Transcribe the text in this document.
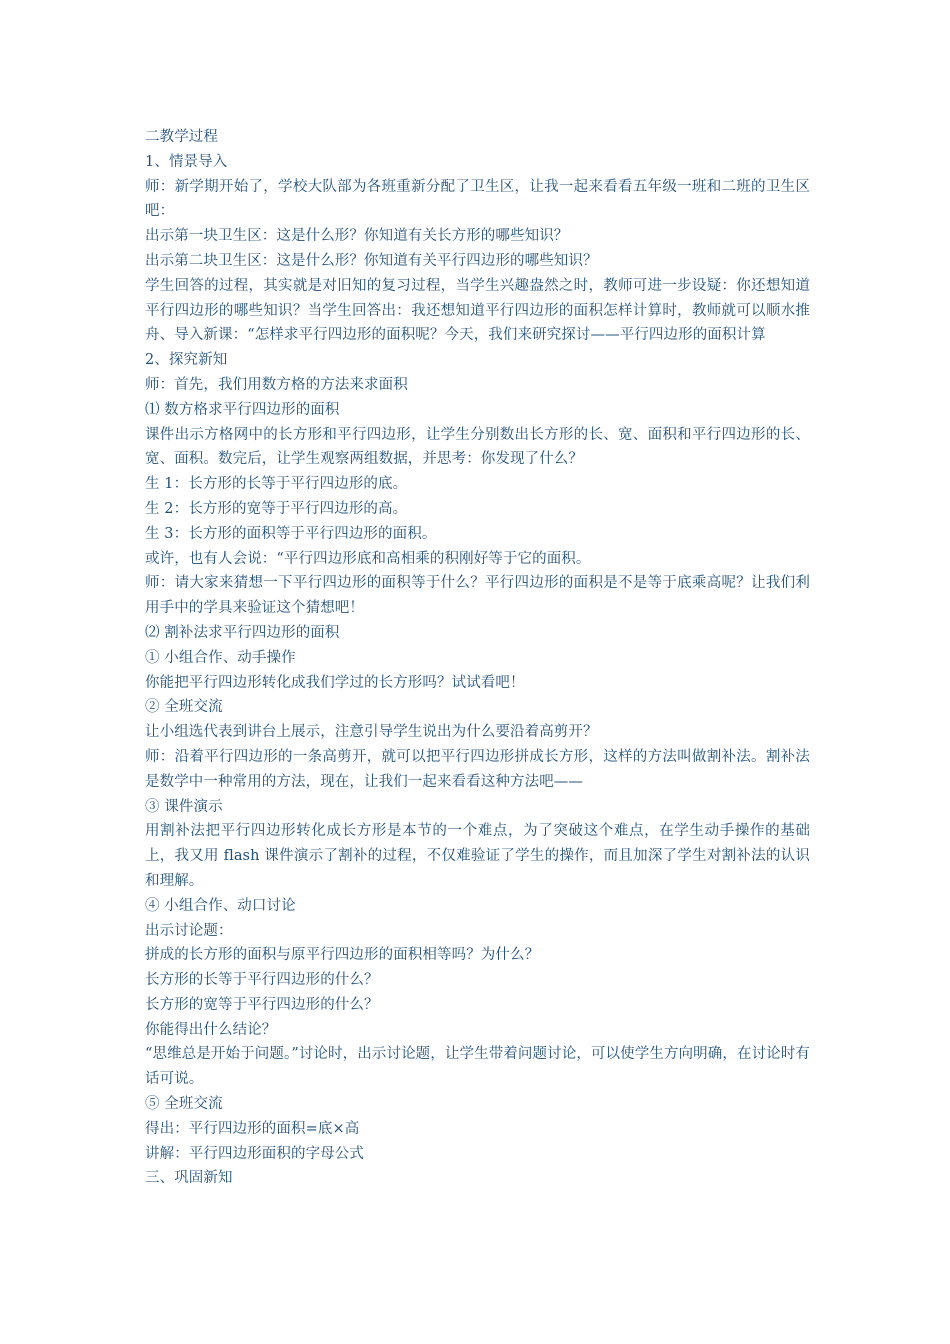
二教学过程

1、情景导入

师：新学期开始了，学校大队部为各班重新分配了卫生区，让我一起来看看五年级一班和二班的卫生区吧：

出示第一块卫生区：这是什么形？你知道有关长方形的哪些知识？

出示第二块卫生区：这是什么形？你知道有关平行四边形的哪些知识？

学生回答的过程，其实就是对旧知的复习过程，当学生兴趣盎然之时，教师可进一步设疑：你还想知道平行四边形的哪些知识？当学生回答出：我还想知道平行四边形的面积怎样计算时，教师就可以顺水推舟、导入新课：“怎样求平行四边形的面积呢？今天，我们来研究探讨——平行四边形的面积计算

2、探究新知

师：首先，我们用数方格的方法来求面积

⑴ 数方格求平行四边形的面积

课件出示方格网中的长方形和平行四边形，让学生分别数出长方形的长、宽、面积和平行四边形的长、宽、面积。数完后，让学生观察两组数据，并思考：你发现了什么？

生 1：长方形的长等于平行四边形的底。

生 2：长方形的宽等于平行四边形的高。

生 3：长方形的面积等于平行四边形的面积。

或许，也有人会说：“平行四边形底和高相乘的积刚好等于它的面积。

师：请大家来猜想一下平行四边形的面积等于什么？平行四边形的面积是不是等于底乘高呢？让我们利用手中的学具来验证这个猜想吧！

⑵ 割补法求平行四边形的面积

① 小组合作、动手操作

你能把平行四边形转化成我们学过的长方形吗？试试看吧！

② 全班交流

让小组选代表到讲台上展示，注意引导学生说出为什么要沿着高剪开？

师：沿着平行四边形的一条高剪开，就可以把平行四边形拼成长方形，这样的方法叫做割补法。割补法是数学中一种常用的方法，现在，让我们一起来看看这种方法吧——

③ 课件演示

用割补法把平行四边形转化成长方形是本节的一个难点，为了突破这个难点，在学生动手操作的基础上，我又用 flash 课件演示了割补的过程，不仅难验证了学生的操作，而且加深了学生对割补法的认识和理解。

④ 小组合作、动口讨论

出示讨论题：

拼成的长方形的面积与原平行四边形的面积相等吗？为什么？

长方形的长等于平行四边形的什么？

长方形的宽等于平行四边形的什么？

你能得出什么结论？

“思维总是开始于问题。”讨论时，出示讨论题，让学生带着问题讨论，可以使学生方向明确，在讨论时有话可说。

⑤ 全班交流

得出：平行四边形的面积=底×高

讲解：平行四边形面积的字母公式

三、巩固新知
